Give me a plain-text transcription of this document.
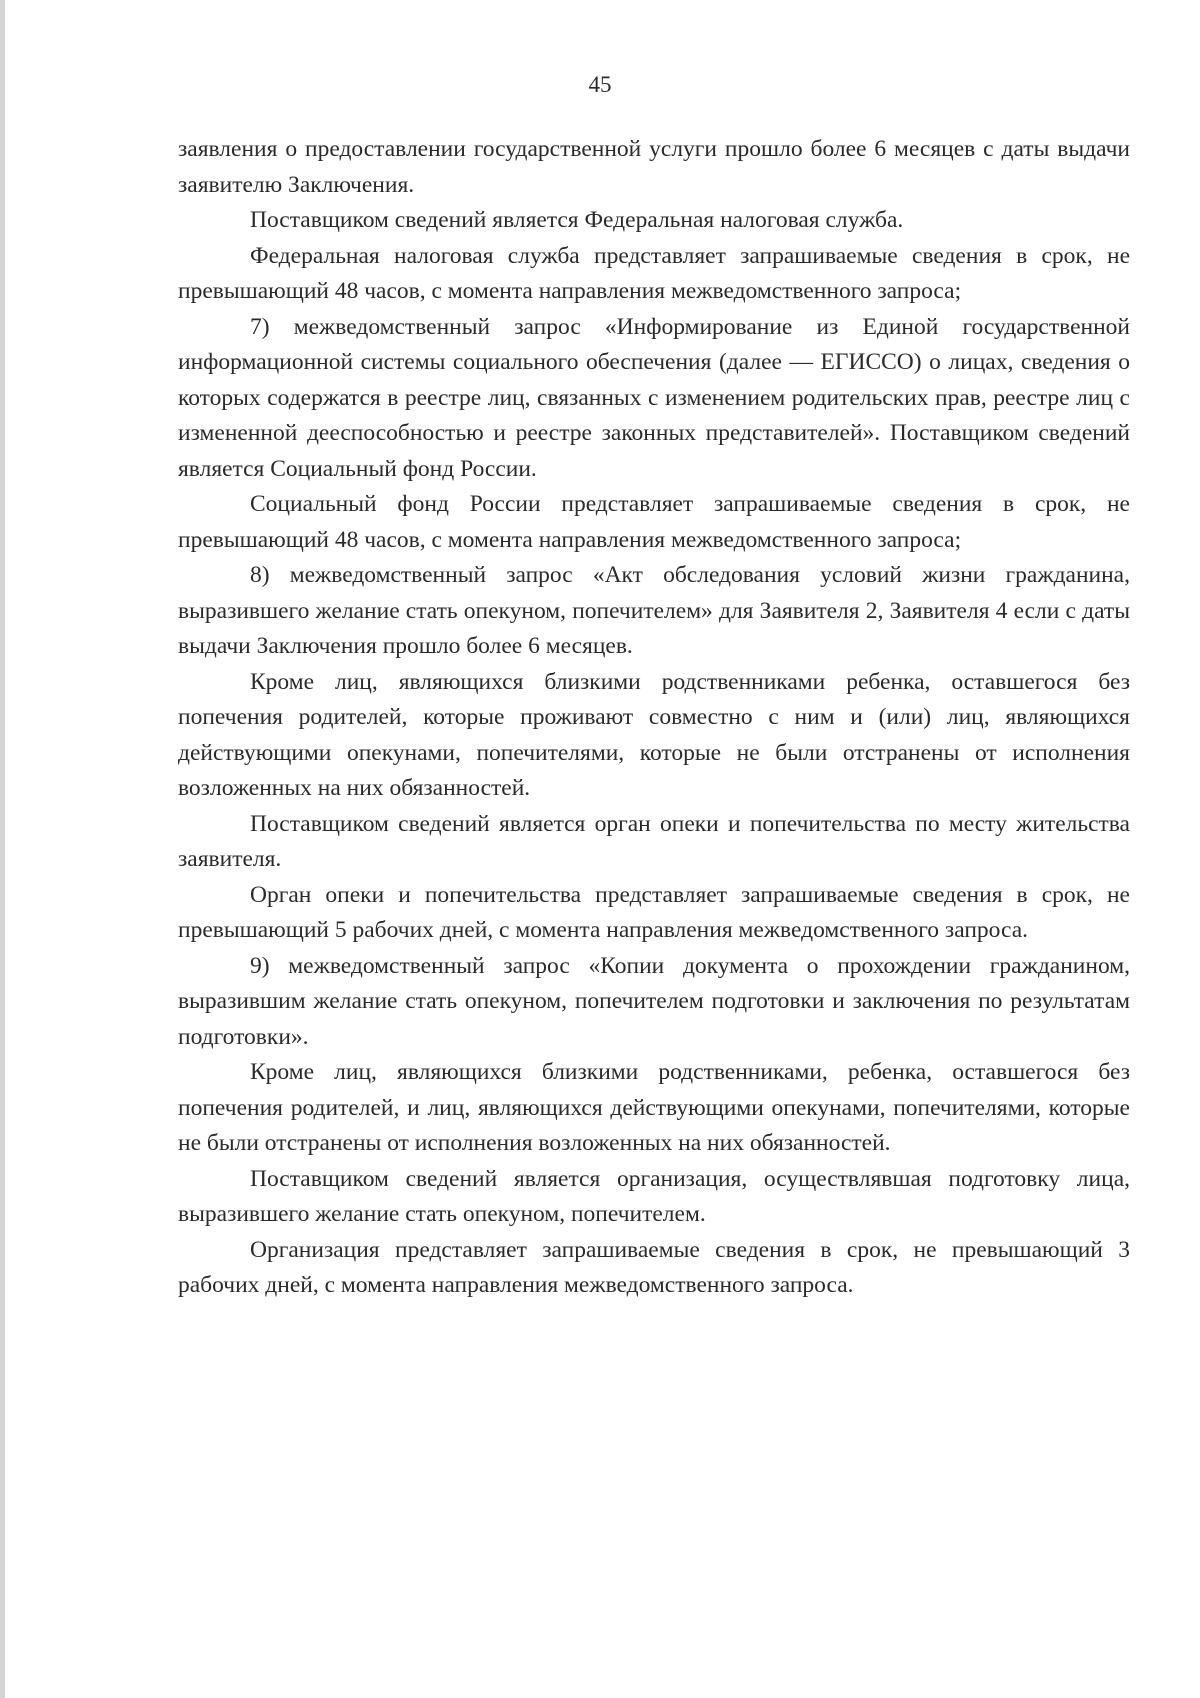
45

заявления о предоставлении государственной услуги прошло более 6 месяцев с даты выдачи заявителю Заключения.

Поставщиком сведений является Федеральная налоговая служба.

Федеральная налоговая служба представляет запрашиваемые сведения в срок, не превышающий 48 часов, с момента направления межведомственного запроса;

7) межведомственный запрос «Информирование из Единой государственной информационной системы социального обеспечения (далее — ЕГИССО) о лицах, сведения о которых содержатся в реестре лиц, связанных с изменением родительских прав, реестре лиц с измененной дееспособностью и реестре законных представителей». Поставщиком сведений является Социальный фонд России.

Социальный фонд России представляет запрашиваемые сведения в срок, не превышающий 48 часов, с момента направления межведомственного запроса;

8) межведомственный запрос «Акт обследования условий жизни гражданина, выразившего желание стать опекуном, попечителем» для Заявителя 2, Заявителя 4 если с даты выдачи Заключения прошло более 6 месяцев.

Кроме лиц, являющихся близкими родственниками ребенка, оставшегося без попечения родителей, которые проживают совместно с ним и (или) лиц, являющихся действующими опекунами, попечителями, которые не были отстранены от исполнения возложенных на них обязанностей.

Поставщиком сведений является орган опеки и попечительства по месту жительства заявителя.

Орган опеки и попечительства представляет запрашиваемые сведения в срок, не превышающий 5 рабочих дней, с момента направления межведомственного запроса.

9) межведомственный запрос «Копии документа о прохождении гражданином, выразившим желание стать опекуном, попечителем подготовки и заключения по результатам подготовки».

Кроме лиц, являющихся близкими родственниками, ребенка, оставшегося без попечения родителей, и лиц, являющихся действующими опекунами, попечителями, которые не были отстранены от исполнения возложенных на них обязанностей.

Поставщиком сведений является организация, осуществлявшая подготовку лица, выразившего желание стать опекуном, попечителем.

Организация представляет запрашиваемые сведения в срок, не превышающий 3 рабочих дней, с момента направления межведомственного запроса.
